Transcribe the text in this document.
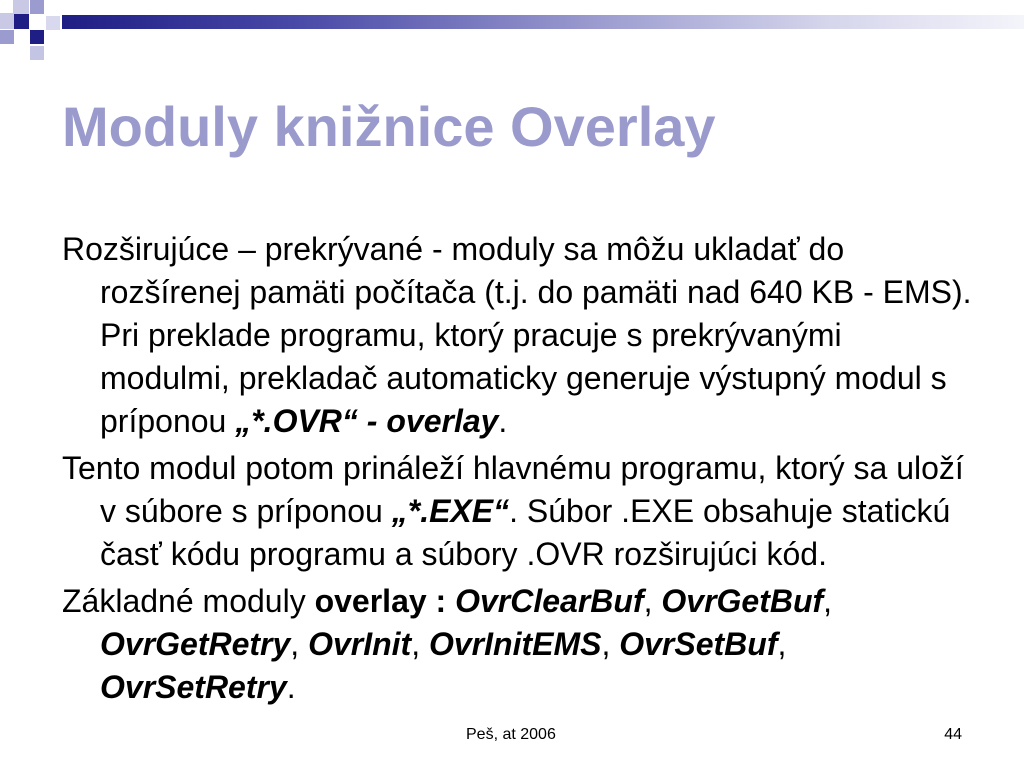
Moduly knižnice Overlay

Rozširujúce – prekrývané - moduly sa môžu ukladať do rozšírenej pamäti počítača (t.j. do pamäti nad 640 KB - EMS). Pri preklade programu, ktorý pracuje s prekrývanými modulmi, prekladač automaticky generuje výstupný modul s príponou „*.OVR“ - overlay.

Tento modul potom prináleží hlavnému programu, ktorý sa uloží v súbore s príponou „*.EXE“. Súbor .EXE obsahuje statickú časť kódu programu a súbory .OVR rozširujúci kód.

Základné moduly overlay : OvrClearBuf, OvrGetBuf, OvrGetRetry, OvrInit, OvrInitEMS, OvrSetBuf, OvrSetRetry.

Peš, at 2006	44
